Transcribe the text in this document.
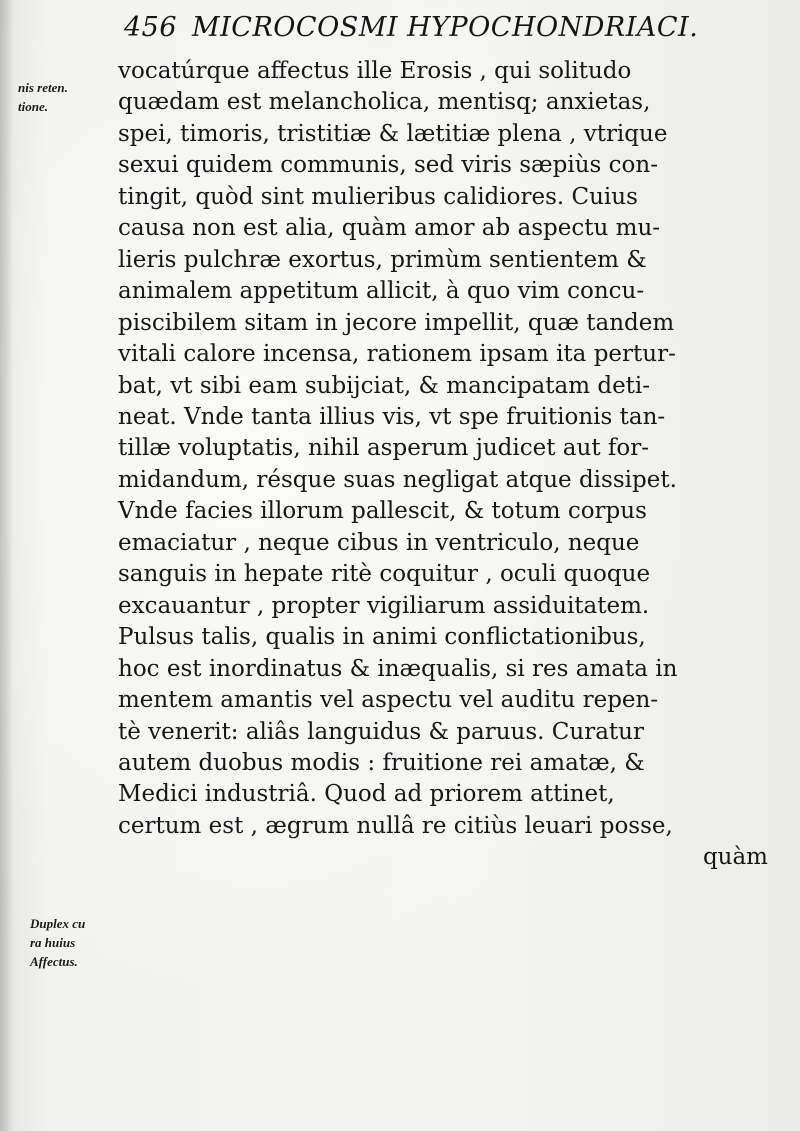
456 MICROCOSMI HYPOCHONDRIACI.
nis reten.
tione.
Duplex cu
ra huius
Affectus.
vocatúrque affectus ille Erosis , qui solitudo
quædam est melancholica, mentisq; anxietas,
spei, timoris, tristitiæ & lætitiæ plena , vtrique
sexui quidem communis, sed viris sæpiùs con-
tingit, quòd sint mulieribus calidiores. Cuius
causa non est alia, quàm amor ab aspectu mu-
lieris pulchræ exortus, primùm sentientem &
animalem appetitum allicit, à quo vim concu-
piscibilem sitam in jecore impellit, quæ tandem
vitali calore incensa, rationem ipsam ita pertur-
bat, vt sibi eam subijciat, & mancipatam deti-
neat. Vnde tanta illius vis, vt spe fruitionis tan-
tillæ voluptatis, nihil asperum judicet aut for-
midandum, résque suas negligat atque dissipet.
Vnde facies illorum pallescit, & totum corpus
emaciatur , neque cibus in ventriculo, neque
sanguis in hepate ritè coquitur , oculi quoque
excauantur , propter vigiliarum assiduitatem.
Pulsus talis, qualis in animi conflictationibus,
hoc est inordinatus & inæqualis, si res amata in
mentem amantis vel aspectu vel auditu repen-
tè venerit: aliâs languidus & paruus. Curatur
autem duobus modis : fruitione rei amatæ, &
Medici industriâ. Quod ad priorem attinet,
certum est , ægrum nullâ re citiùs leuari posse,
quàm
